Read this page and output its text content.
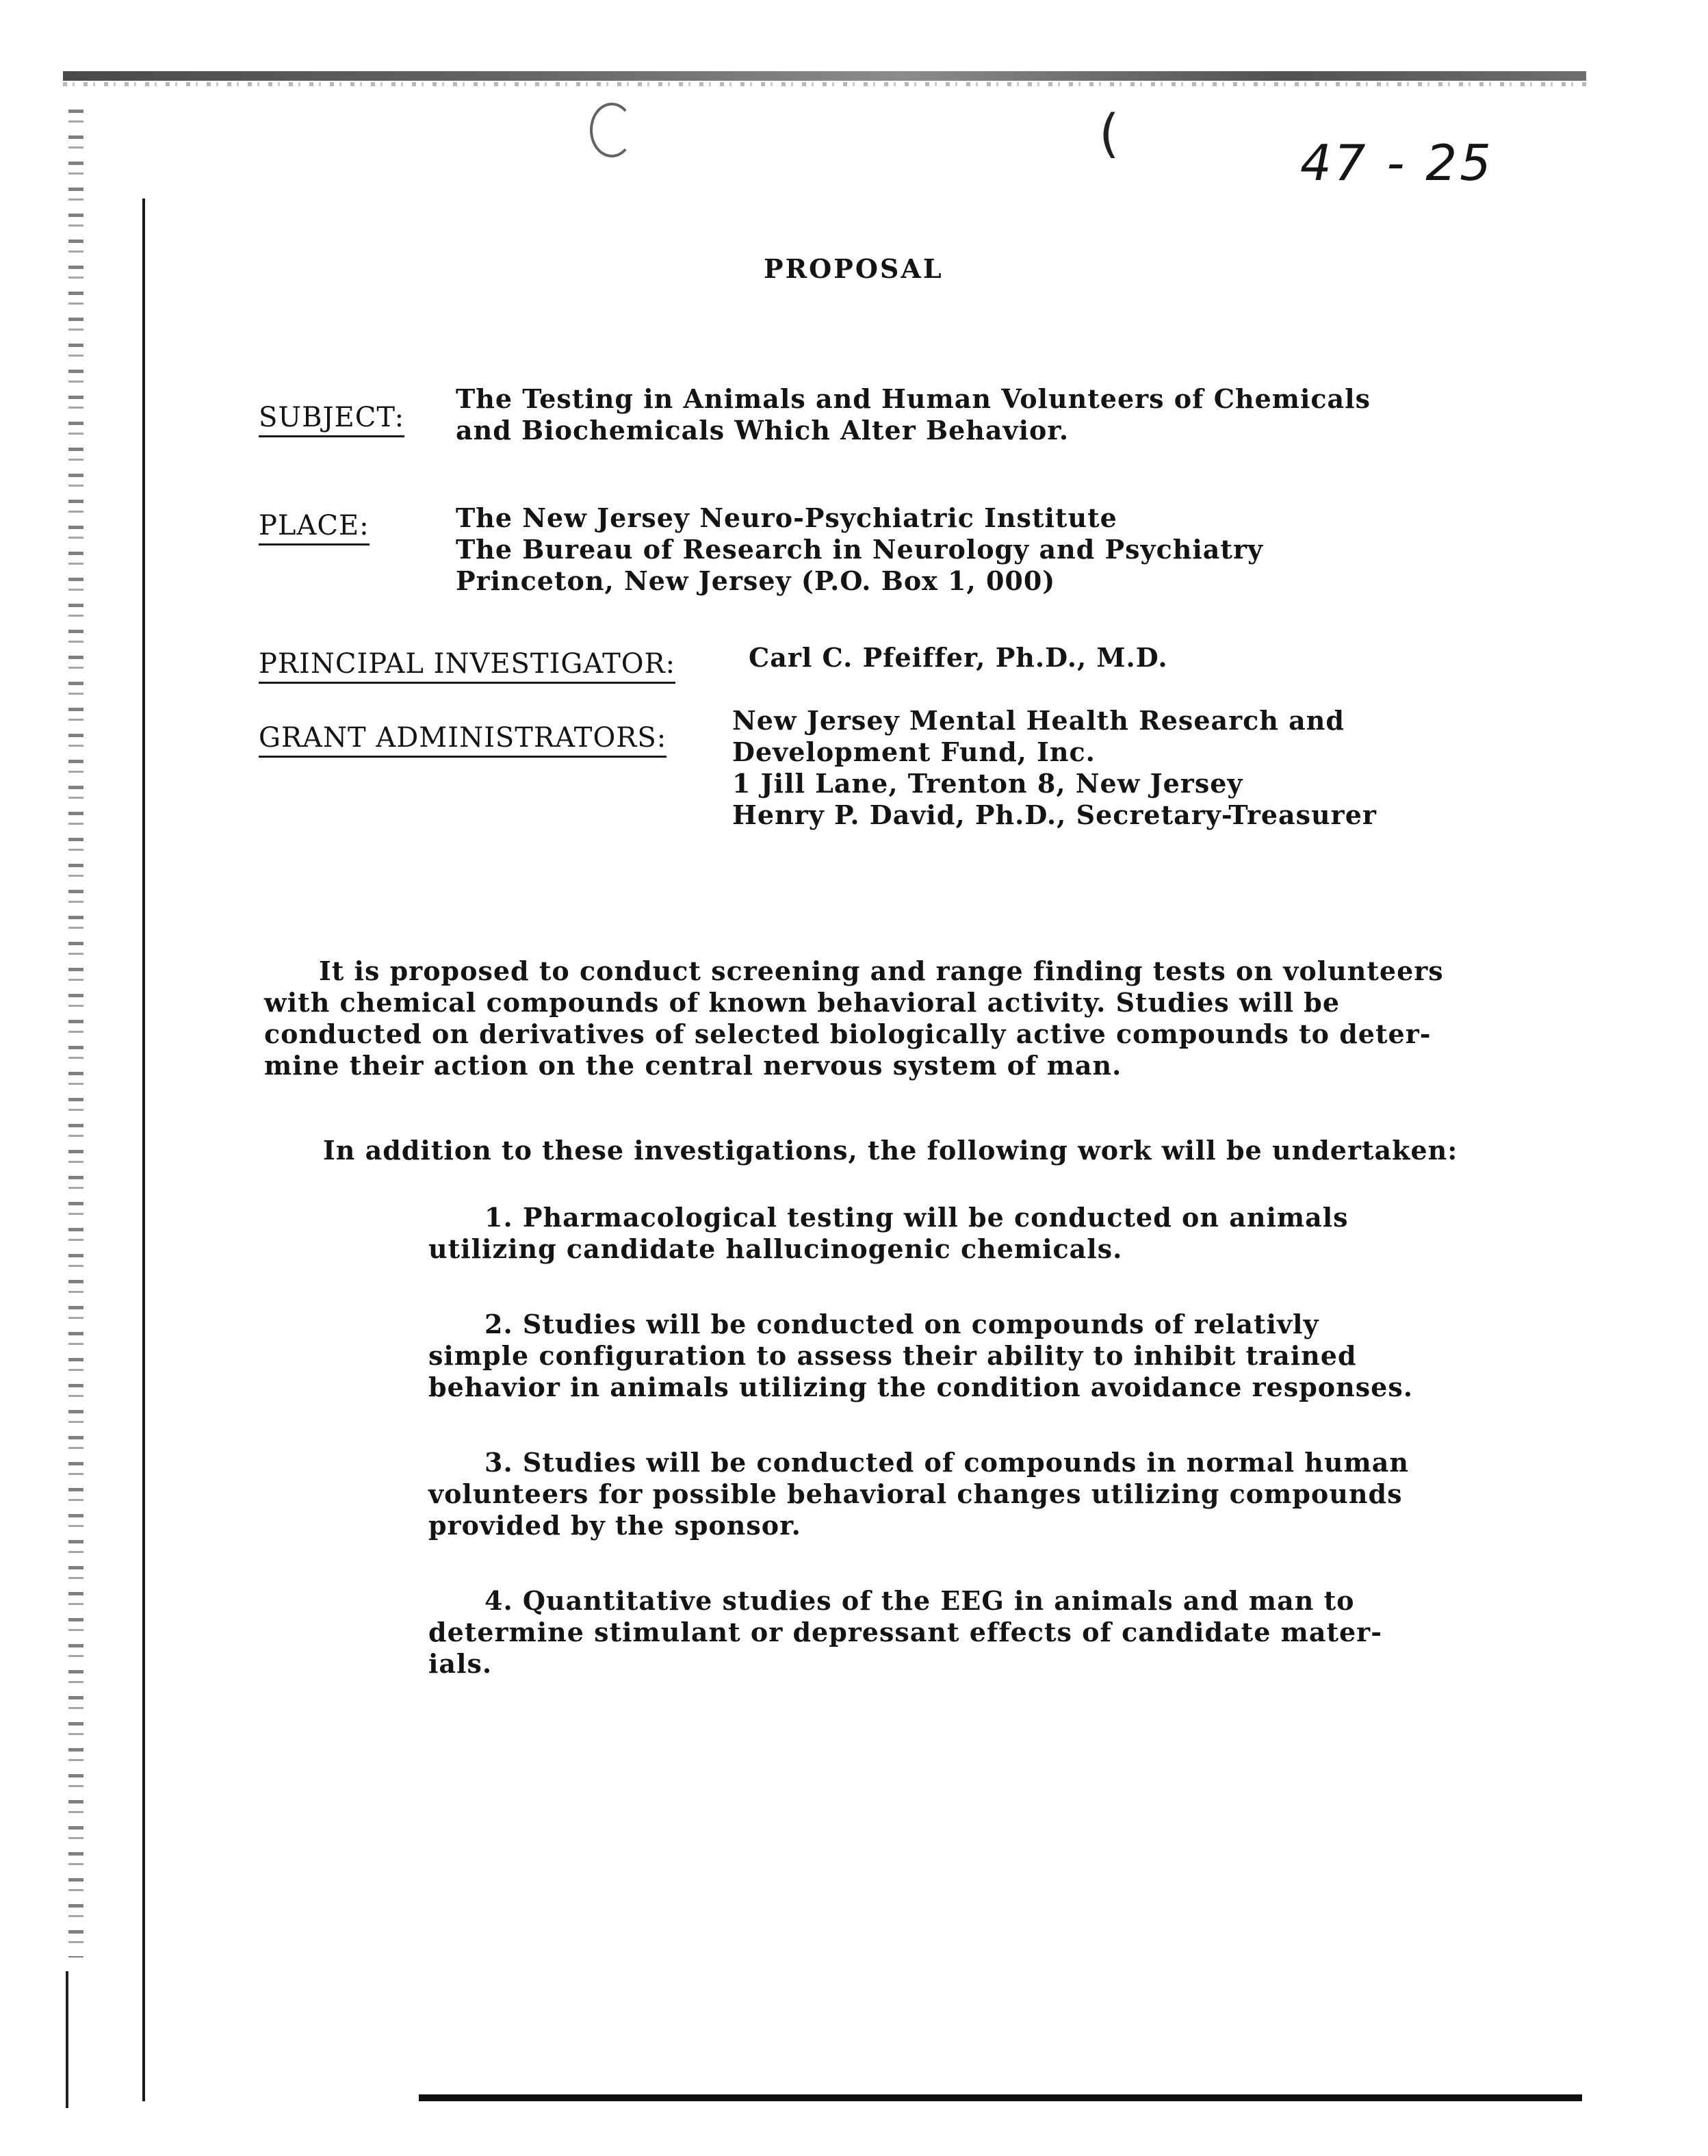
(	47 - 25
PROPOSAL
SUBJECT:
The Testing in Animals and Human Volunteers of Chemicals
and Biochemicals Which Alter Behavior.
PLACE:	The New Jersey Neuro-Psychiatric Institute
The Bureau of Research in Neurology and Psychiatry
Princeton, New Jersey (P.O. Box 1, 000)
PRINCIPAL INVESTIGATOR:	Carl C. Pfeiffer, Ph.D., M.D.
GRANT ADMINISTRATORS:
New Jersey Mental Health Research and
Development Fund, Inc.
1 Jill Lane, Trenton 8, New Jersey
Henry P. David, Ph.D., Secretary-Treasurer
It is proposed to conduct screening and range finding tests on volunteers
with chemical compounds of known behavioral activity. Studies will be
conducted on derivatives of selected biologically active compounds to deter-
mine their action on the central nervous system of man.
In addition to these investigations, the following work will be undertaken:
1. Pharmacological testing will be conducted on animals
utilizing candidate hallucinogenic chemicals.
2. Studies will be conducted on compounds of relativly
simple configuration to assess their ability to inhibit trained
behavior in animals utilizing the condition avoidance responses.
3. Studies will be conducted of compounds in normal human
volunteers for possible behavioral changes utilizing compounds
provided by the sponsor.
4. Quantitative studies of the EEG in animals and man to
determine stimulant or depressant effects of candidate mater-
ials.
